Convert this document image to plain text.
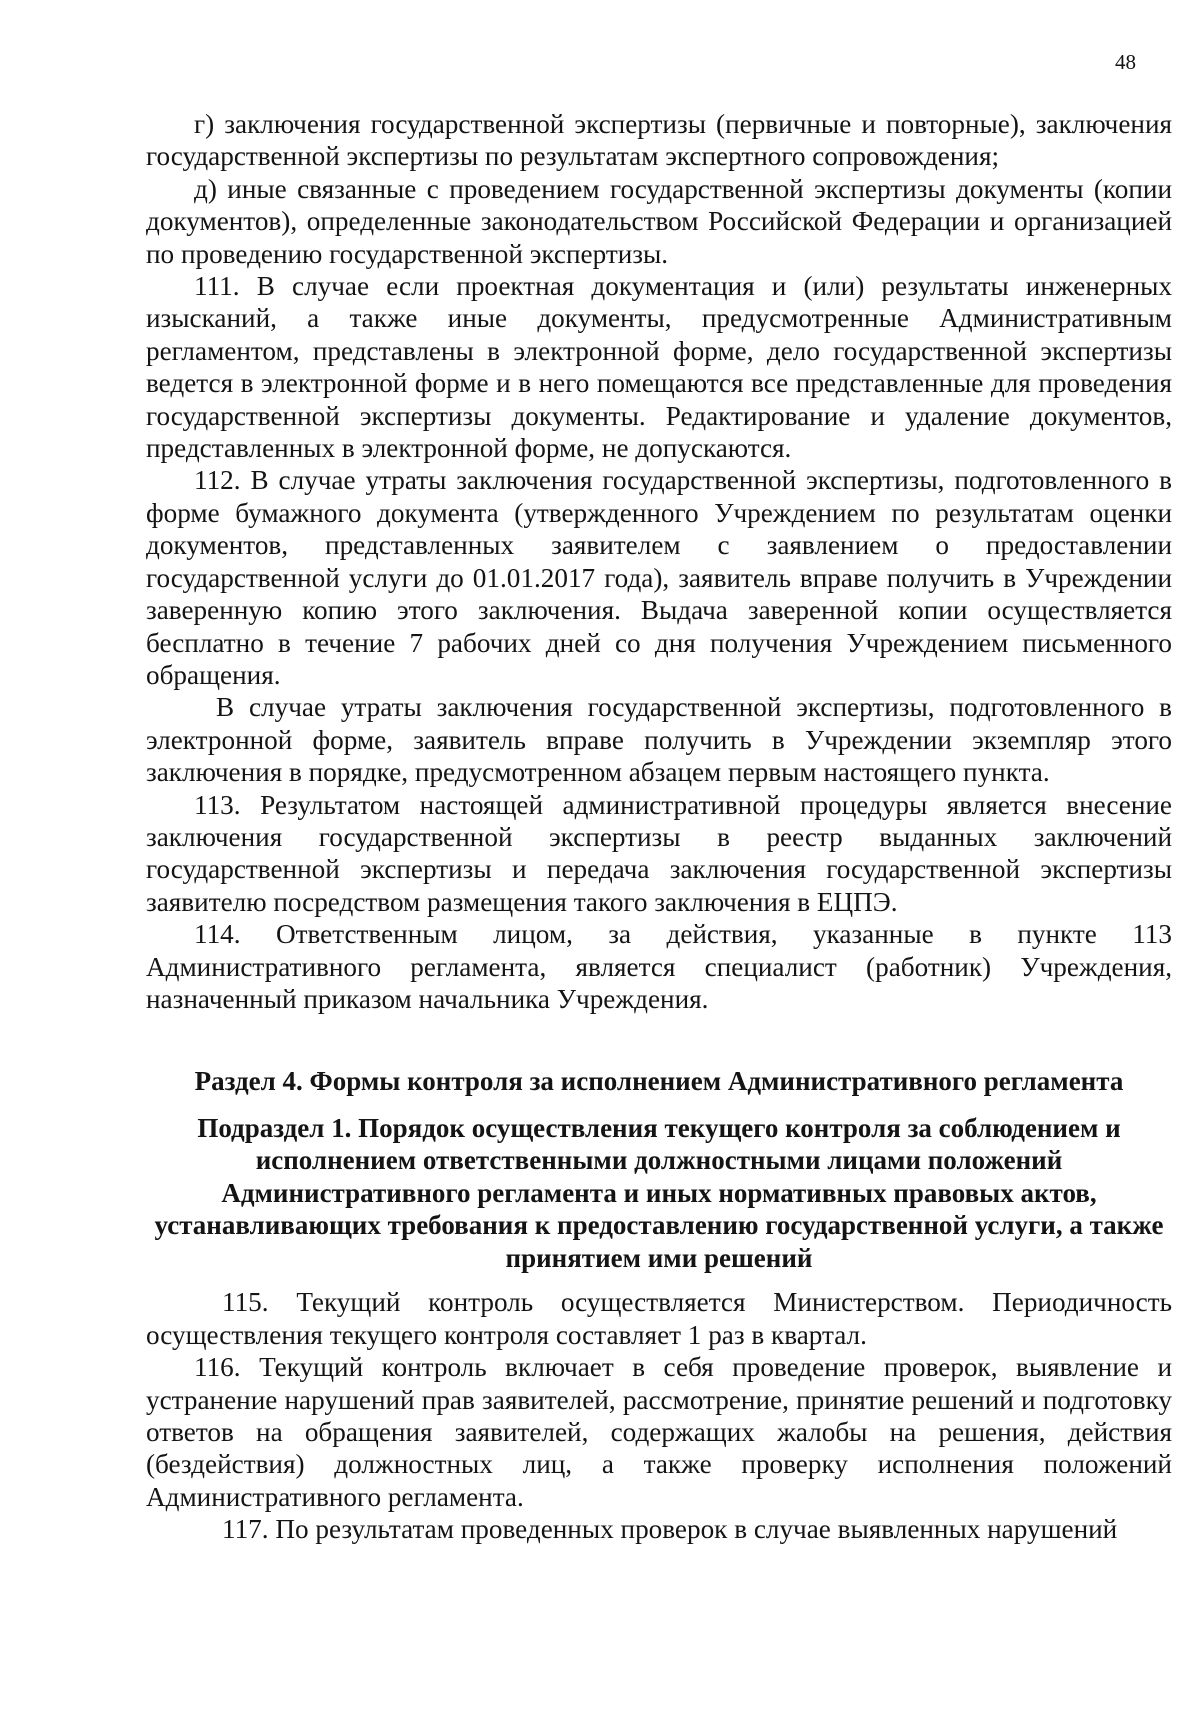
48

г) заключения государственной экспертизы (первичные и повторные), заключения государственной экспертизы по результатам экспертного сопровождения;

д) иные связанные с проведением государственной экспертизы документы (копии документов), определенные законодательством Российской Федерации и организацией по проведению государственной экспертизы.

111. В случае если проектная документация и (или) результаты инженерных изысканий, а также иные документы, предусмотренные Административным регламентом, представлены в электронной форме, дело государственной экспертизы ведется в электронной форме и в него помещаются все представленные для проведения государственной экспертизы документы. Редактирование и удаление документов, представленных в электронной форме, не допускаются.

112. В случае утраты заключения государственной экспертизы, подготовленного в форме бумажного документа (утвержденного Учреждением по результатам оценки документов, представленных заявителем с заявлением о предоставлении государственной услуги до 01.01.2017 года), заявитель вправе получить в Учреждении заверенную копию этого заключения. Выдача заверенной копии осуществляется бесплатно в течение 7 рабочих дней со дня получения Учреждением письменного обращения.

В случае утраты заключения государственной экспертизы, подготовленного в электронной форме, заявитель вправе получить в Учреждении экземпляр этого заключения в порядке, предусмотренном абзацем первым настоящего пункта.

113. Результатом настоящей административной процедуры является внесение заключения государственной экспертизы в реестр выданных заключений государственной экспертизы и передача заключения государственной экспертизы заявителю посредством размещения такого заключения в ЕЦПЭ.

114. Ответственным лицом, за действия, указанные в пункте 113 Административного регламента, является специалист (работник) Учреждения, назначенный приказом начальника Учреждения.

Раздел 4. Формы контроля за исполнением Административного регламента
Подраздел 1. Порядок осуществления текущего контроля за соблюдением и исполнением ответственными должностными лицами положений Административного регламента и иных нормативных правовых актов, устанавливающих требования к предоставлению государственной услуги, а также принятием ими решений

115. Текущий контроль осуществляется Министерством. Периодичность осуществления текущего контроля составляет 1 раз в квартал.

116. Текущий контроль включает в себя проведение проверок, выявление и устранение нарушений прав заявителей, рассмотрение, принятие решений и подготовку ответов на обращения заявителей, содержащих жалобы на решения, действия (бездействия) должностных лиц, а также проверку исполнения положений Административного регламента.

117. По результатам проведенных проверок в случае выявленных нарушений
